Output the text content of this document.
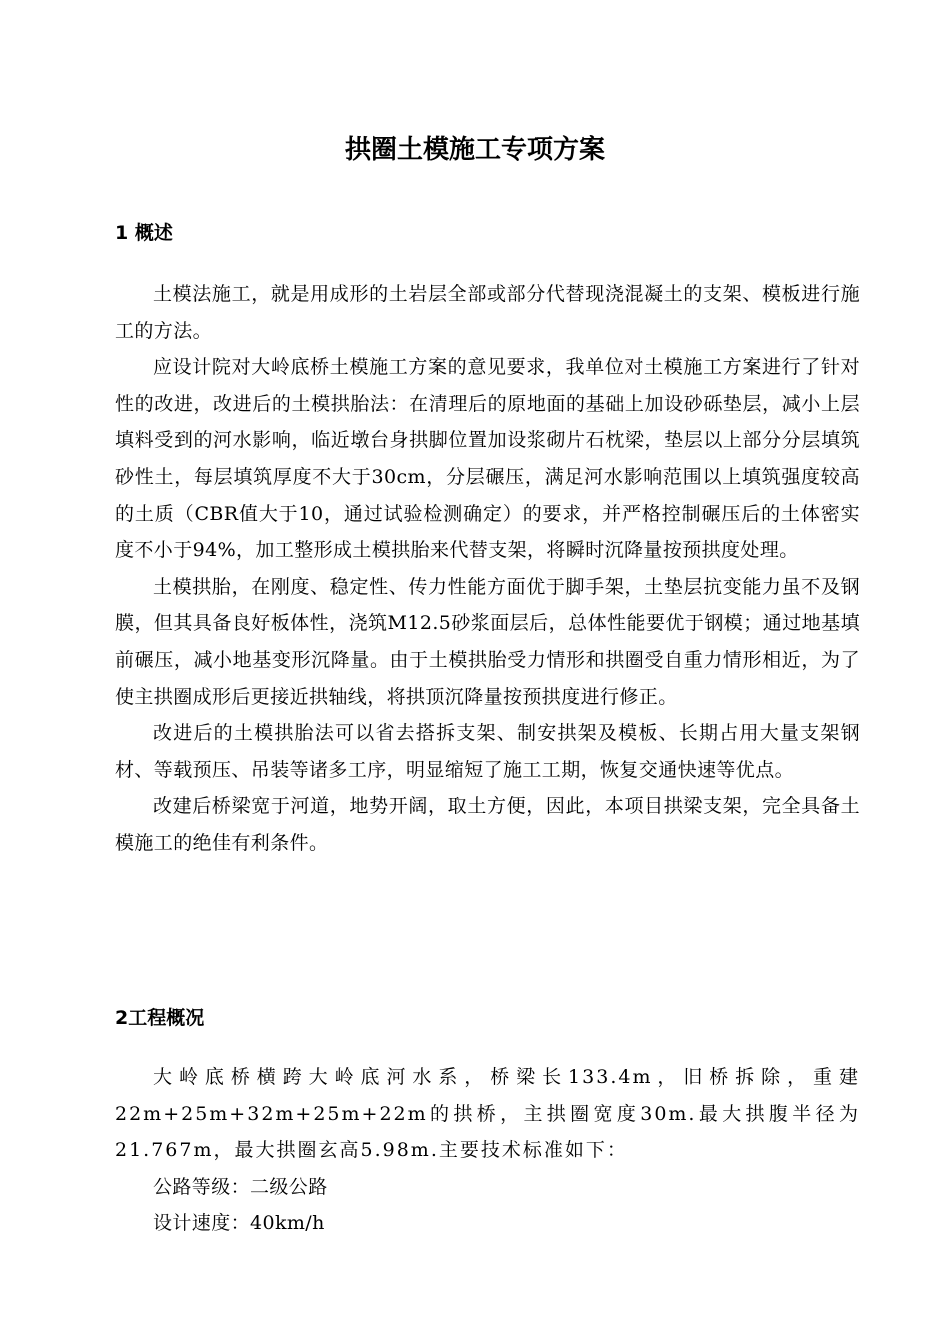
拱圈土模施工专项方案
1 概述

土模法施工，就是用成形的土岩层全部或部分代替现浇混凝土的支架、模板进行施工的方法。

应设计院对大岭底桥土模施工方案的意见要求，我单位对土模施工方案进行了针对性的改进，改进后的土模拱胎法：在清理后的原地面的基础上加设砂砾垫层，减小上层填料受到的河水影响，临近墩台身拱脚位置加设浆砌片石枕梁，垫层以上部分分层填筑砂性土，每层填筑厚度不大于30cm，分层碾压，满足河水影响范围以上填筑强度较高的土质（CBR值大于10，通过试验检测确定）的要求，并严格控制碾压后的土体密实度不小于94%，加工整形成土模拱胎来代替支架，将瞬时沉降量按预拱度处理。

土模拱胎，在刚度、稳定性、传力性能方面优于脚手架，土垫层抗变能力虽不及钢膜，但其具备良好板体性，浇筑M12.5砂浆面层后，总体性能要优于钢模；通过地基填前碾压，减小地基变形沉降量。由于土模拱胎受力情形和拱圈受自重力情形相近，为了使主拱圈成形后更接近拱轴线，将拱顶沉降量按预拱度进行修正。

改进后的土模拱胎法可以省去搭拆支架、制安拱架及模板、长期占用大量支架钢材、等载预压、吊装等诸多工序，明显缩短了施工工期，恢复交通快速等优点。

改建后桥梁宽于河道，地势开阔，取土方便，因此，本项目拱梁支架，完全具备土模施工的绝佳有利条件。

2工程概况

大岭底桥横跨大岭底河水系，桥梁长133.4m，旧桥拆除，重建22m+25m+32m+25m+22m的拱桥，主拱圈宽度30m.最大拱腹半径为21.767m，最大拱圈玄高5.98m.主要技术标准如下：

公路等级：二级公路

设计速度：40km/h
